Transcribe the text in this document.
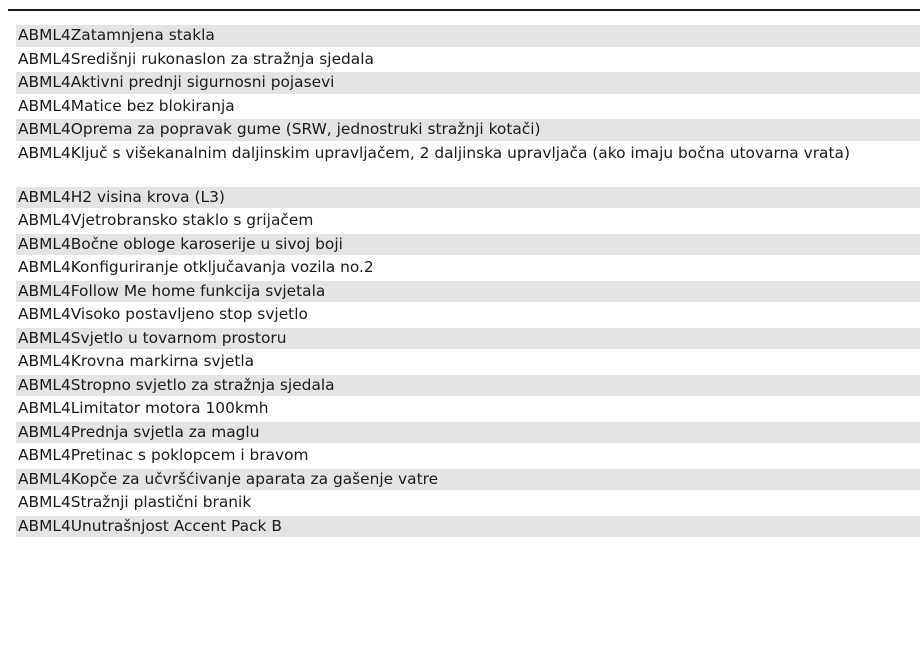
ABML4Zatamnjena stakla
ABML4Središnji rukonaslon za stražnja sjedala
ABML4Aktivni prednji sigurnosni pojasevi
ABML4Matice bez blokiranja
ABML4Oprema za popravak gume (SRW, jednostruki stražnji kotači)
ABML4Ključ s višekanalnim daljinskim upravljačem, 2 daljinska upravljača (ako imaju bočna utovarna vrata)
ABML4H2 visina krova (L3)
ABML4Vjetrobransko staklo s grijačem
ABML4Bočne obloge karoserije u sivoj boji
ABML4Konfiguriranje otključavanja vozila no.2
ABML4Follow Me home funkcija svjetala
ABML4Visoko postavljeno stop svjetlo
ABML4Svjetlo u tovarnom prostoru
ABML4Krovna markirna svjetla
ABML4Stropno svjetlo za stražnja sjedala
ABML4Limitator motora 100kmh
ABML4Prednja svjetla za maglu
ABML4Pretinac s poklopcem i bravom
ABML4Kopče za učvršćivanje aparata za gašenje vatre
ABML4Stražnji plastični branik
ABML4Unutrašnjost Accent Pack B
